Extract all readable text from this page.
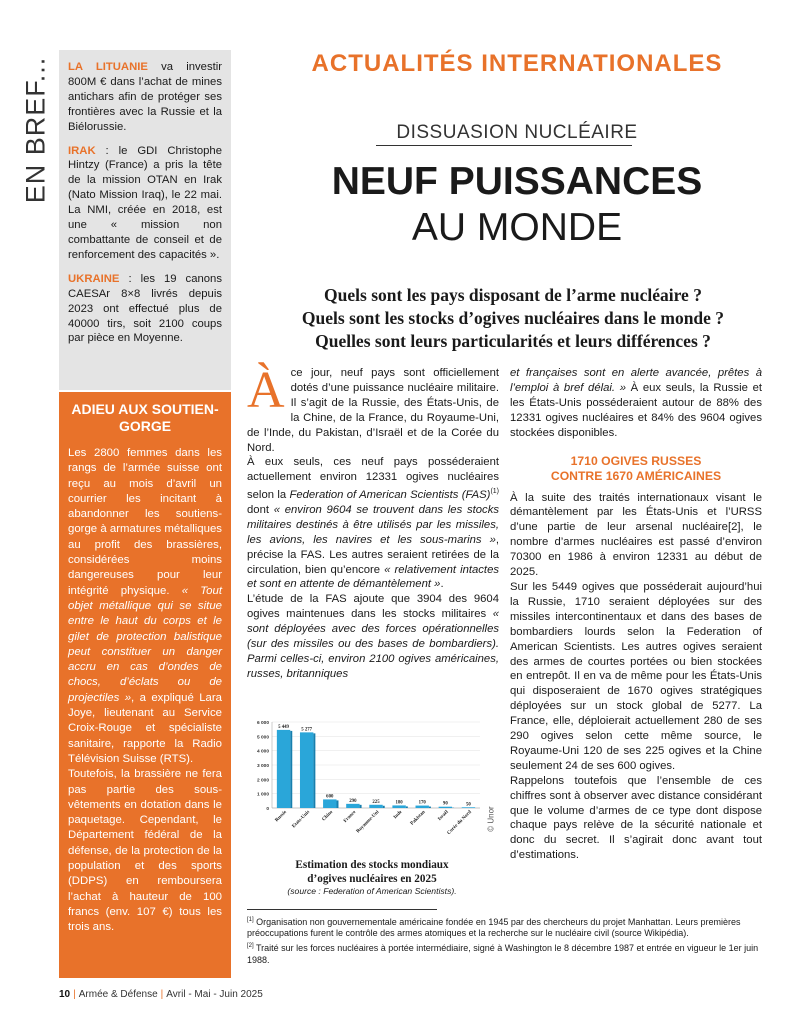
EN BREF... LA LITUANIE va investir 800M € dans l’achat de mines antichars afin de protéger ses frontières avec la Russie et la Biélorussie.

IRAK : le GDI Christophe Hintzy (France) a pris la tête de la mission OTAN en Irak (Nato Mission Iraq), le 22 mai. La NMI, créée en 2018, est une « mission non combattante de conseil et de renforcement des capacités ».

UKRAINE : les 19 canons CAESAr 8×8 livrés depuis 2023 ont effectué plus de 40000 tirs, soit 2100 coups par pièce en Moyenne.

ADIEU AUX SOUTIEN-GORGE

Les 2800 femmes dans les rangs de l’armée suisse ont reçu au mois d’avril un courrier les incitant à abandonner les soutiens-gorge à armatures métalliques au profit des brassières, considérées moins dangereuses pour leur intégrité physique. « Tout objet métallique qui se situe entre le haut du corps et le gilet de protection balistique peut constituer un danger accru en cas d’ondes de chocs, d’éclats ou de projectiles », a expliqué Lara Joye, lieutenant au Service Croix-Rouge et spécialiste sanitaire, rapporte la Radio Télévision Suisse (RTS).

Toutefois, la brassière ne fera pas partie des sous-vêtements en dotation dans le paquetage. Cependant, le Département fédéral de la défense, de la protection de la population et des sports (DDPS) en remboursera l’achat à hauteur de 100 francs (env. 107 €) tous les trois ans.

ACTUALITÉS INTERNATIONALES
DISSUASION NUCLÉAIRE
NEUF PUISSANCES
AU MONDE
Quels sont les pays disposant de l’arme nucléaire ?
Quels sont les stocks d’ogives nucléaires dans le monde ?
Quelles sont leurs particularités et leurs différences ?

Àce jour, neuf pays sont officiellement dotés d’une puissance nucléaire militaire. Il s’agit de la Russie, des États-Unis, de la Chine, de la France, du Royaume-Uni, de l’Inde, du Pakistan, d’Israël et de la Corée du Nord.

À eux seuls, ces neuf pays posséderaient actuellement environ 12331 ogives nucléaires selon la Federation of American Scientists (FAS)$^{(1)}$ dont « environ 9604 se trouvent dans les stocks militaires destinés à être utilisés par les missiles, les avions, les navires et les sous-marins », précise la FAS. Les autres seraient retirées de la circulation, bien qu’encore « relativement intactes et sont en attente de démantèlement ».

L’étude de la FAS ajoute que 3904 des 9604 ogives maintenues dans les stocks militaires « sont déployées avec des forces opérationnelles (sur des missiles ou des bases de bombardiers). Parmi celles-ci, environ 2100 ogives américaines, russes, britanniques

et françaises sont en alerte avancée, prêtes à l’emploi à bref délai. » À eux seuls, la Russie et les États-Unis posséderaient autour de 88% des 12331 ogives nucléaires et 84% des 9604 ogives stockées disponibles.

1710 OGIVES RUSSES
CONTRE 1670 AMÉRICAINES

À la suite des traités internationaux visant le démantèlement par les États-Unis et l’URSS d’une partie de leur arsenal nucléaire[2], le nombre d’armes nucléaires est passé d’environ 70300 en 1986 à environ 12331 au début de 2025.

Sur les 5449 ogives que posséderait aujourd’hui la Russie, 1710 seraient déployées sur des missiles intercontinentaux et dans des bases de bombardiers lourds selon la Federation of American Scientists. Les autres ogives seraient des armes de courtes portées ou bien stockées en entrepôt. Il en va de même pour les États-Unis qui disposeraient de 1670 ogives stratégiques déployées sur un stock global de 5277. La France, elle, déploierait actuellement 280 de ses 290 ogives selon cette même source, le Royaume-Uni 120 de ses 225 ogives et la Chine seulement 24 de ses 600 ogives.

Rappelons toutefois que l’ensemble de ces chiffres sont à observer avec distance considérant que le volume d’armes de ce type dont dispose chaque pays relève de la sécurité nationale et donc du secret. Il s’agirait donc avant tout d’estimations.

6 000
5 000
4 000
3 000
2 000
1 000
0
5 449
Russie
5 277
Etats-Unis
600
Chine
290
France
225
Royaume-Uni
180
Inde
170
Pakistan
90
Israël
50
Corée du Nord © Unor
Estimation des stocks mondiaux
d’ogives nucléaires en 2025
(source : Federation of American Scientists).

[1] Organisation non gouvernementale américaine fondée en 1945 par des chercheurs du projet Manhattan. Leurs premières préoccupations furent le contrôle des armes atomiques et la recherche sur le nucléaire civil (source Wikipédia).

[2] Traité sur les forces nucléaires à portée intermédiaire, signé à Washington le 8 décembre 1987 et entrée en vigueur le 1er juin 1988.

10 | Armée & Défense | Avril - Mai - Juin 2025
